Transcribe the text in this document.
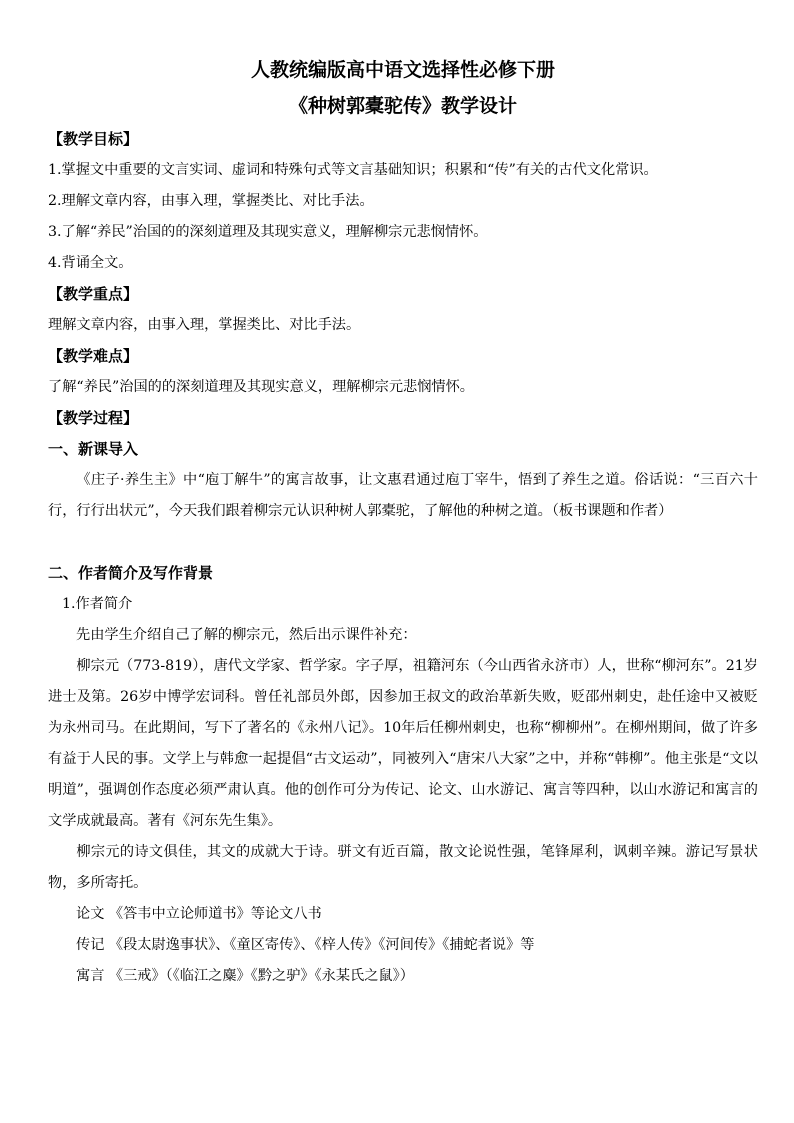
人教统编版高中语文选择性必修下册
《种树郭橐驼传》教学设计
【教学目标】
1.掌握文中重要的文言实词、虚词和特殊句式等文言基础知识；积累和“传”有关的古代文化常识。
2.理解文章内容，由事入理，掌握类比、对比手法。
3.了解“养民”治国的的深刻道理及其现实意义，理解柳宗元悲悯情怀。
4.背诵全文。
【教学重点】
理解文章内容，由事入理，掌握类比、对比手法。
【教学难点】
了解“养民”治国的的深刻道理及其现实意义，理解柳宗元悲悯情怀。
【教学过程】
一、新课导入

《庄子·养生主》中“庖丁解牛”的寓言故事，让文惠君通过庖丁宰牛，悟到了养生之道。俗话说：“三百六十行，行行出状元”，今天我们跟着柳宗元认识种树人郭橐驼，了解他的种树之道。（板书课题和作者）

二、作者简介及写作背景
1.作者简介
先由学生介绍自己了解的柳宗元，然后出示课件补充：

柳宗元（773-819），唐代文学家、哲学家。字子厚，祖籍河东（今山西省永济市）人，世称“柳河东”。21岁进士及第。26岁中博学宏词科。曾任礼部员外郎，因参加王叔文的政治革新失败，贬邵州刺史，赴任途中又被贬为永州司马。在此期间，写下了著名的《永州八记》。10年后任柳州刺史，也称“柳柳州”。在柳州期间，做了许多有益于人民的事。文学上与韩愈一起提倡“古文运动”，同被列入“唐宋八大家”之中，并称“韩柳”。他主张是“文以明道”，强调创作态度必须严肃认真。他的创作可分为传记、论文、山水游记、寓言等四种，以山水游记和寓言的文学成就最高。著有《河东先生集》。

柳宗元的诗文俱佳，其文的成就大于诗。骈文有近百篇，散文论说性强，笔锋犀利，讽刺辛辣。游记写景状物，多所寄托。

论文 《答韦中立论师道书》等论文八书
传记 《段太尉逸事状》、《童区寄传》、《梓人传》《河间传》《捕蛇者说》等
寓言 《三戒》（《临江之麋》《黔之驴》《永某氏之鼠》）
